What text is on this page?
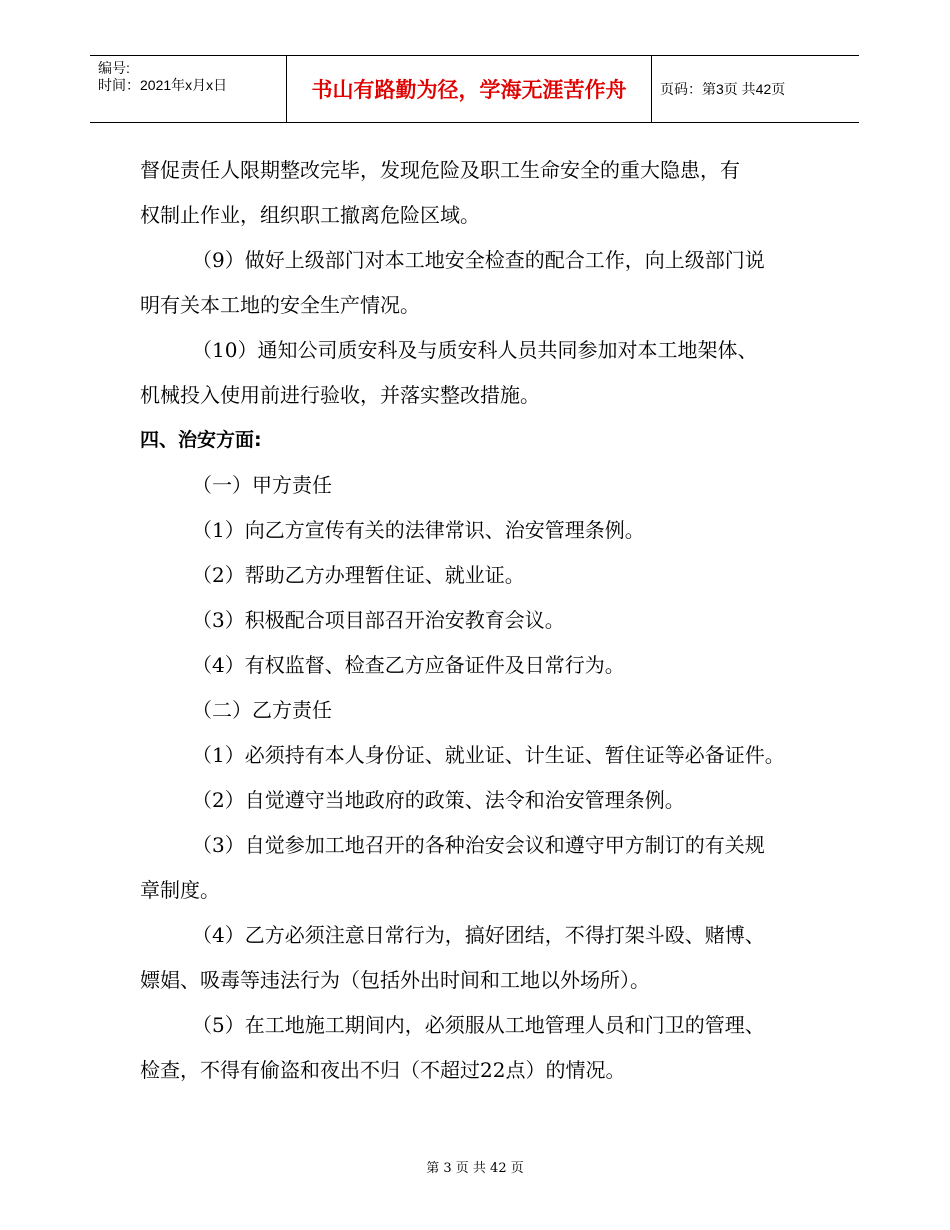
编号:
时间：2021年x月x日	书山有路勤为径，学海无涯苦作舟	页码：第3页 共42页

督促责任人限期整改完毕，发现危险及职工生命安全的重大隐患，有

权制止作业，组织职工撤离危险区域。

（9）做好上级部门对本工地安全检查的配合工作，向上级部门说

明有关本工地的安全生产情况。

（10）通知公司质安科及与质安科人员共同参加对本工地架体、

机械投入使用前进行验收，并落实整改措施。

四、治安方面:

（一）甲方责任

（1）向乙方宣传有关的法律常识、治安管理条例。

（2）帮助乙方办理暂住证、就业证。

（3）积极配合项目部召开治安教育会议。

（4）有权监督、检查乙方应备证件及日常行为。

（二）乙方责任

（1）必须持有本人身份证、就业证、计生证、暂住证等必备证件。

（2）自觉遵守当地政府的政策、法令和治安管理条例。

（3）自觉参加工地召开的各种治安会议和遵守甲方制订的有关规

章制度。

（4）乙方必须注意日常行为，搞好团结，不得打架斗殴、赌博、

嫖娼、吸毒等违法行为（包括外出时间和工地以外场所）。

（5）在工地施工期间内，必须服从工地管理人员和门卫的管理、

检查，不得有偷盗和夜出不归（不超过22点）的情况。

第 3 页 共 42 页
